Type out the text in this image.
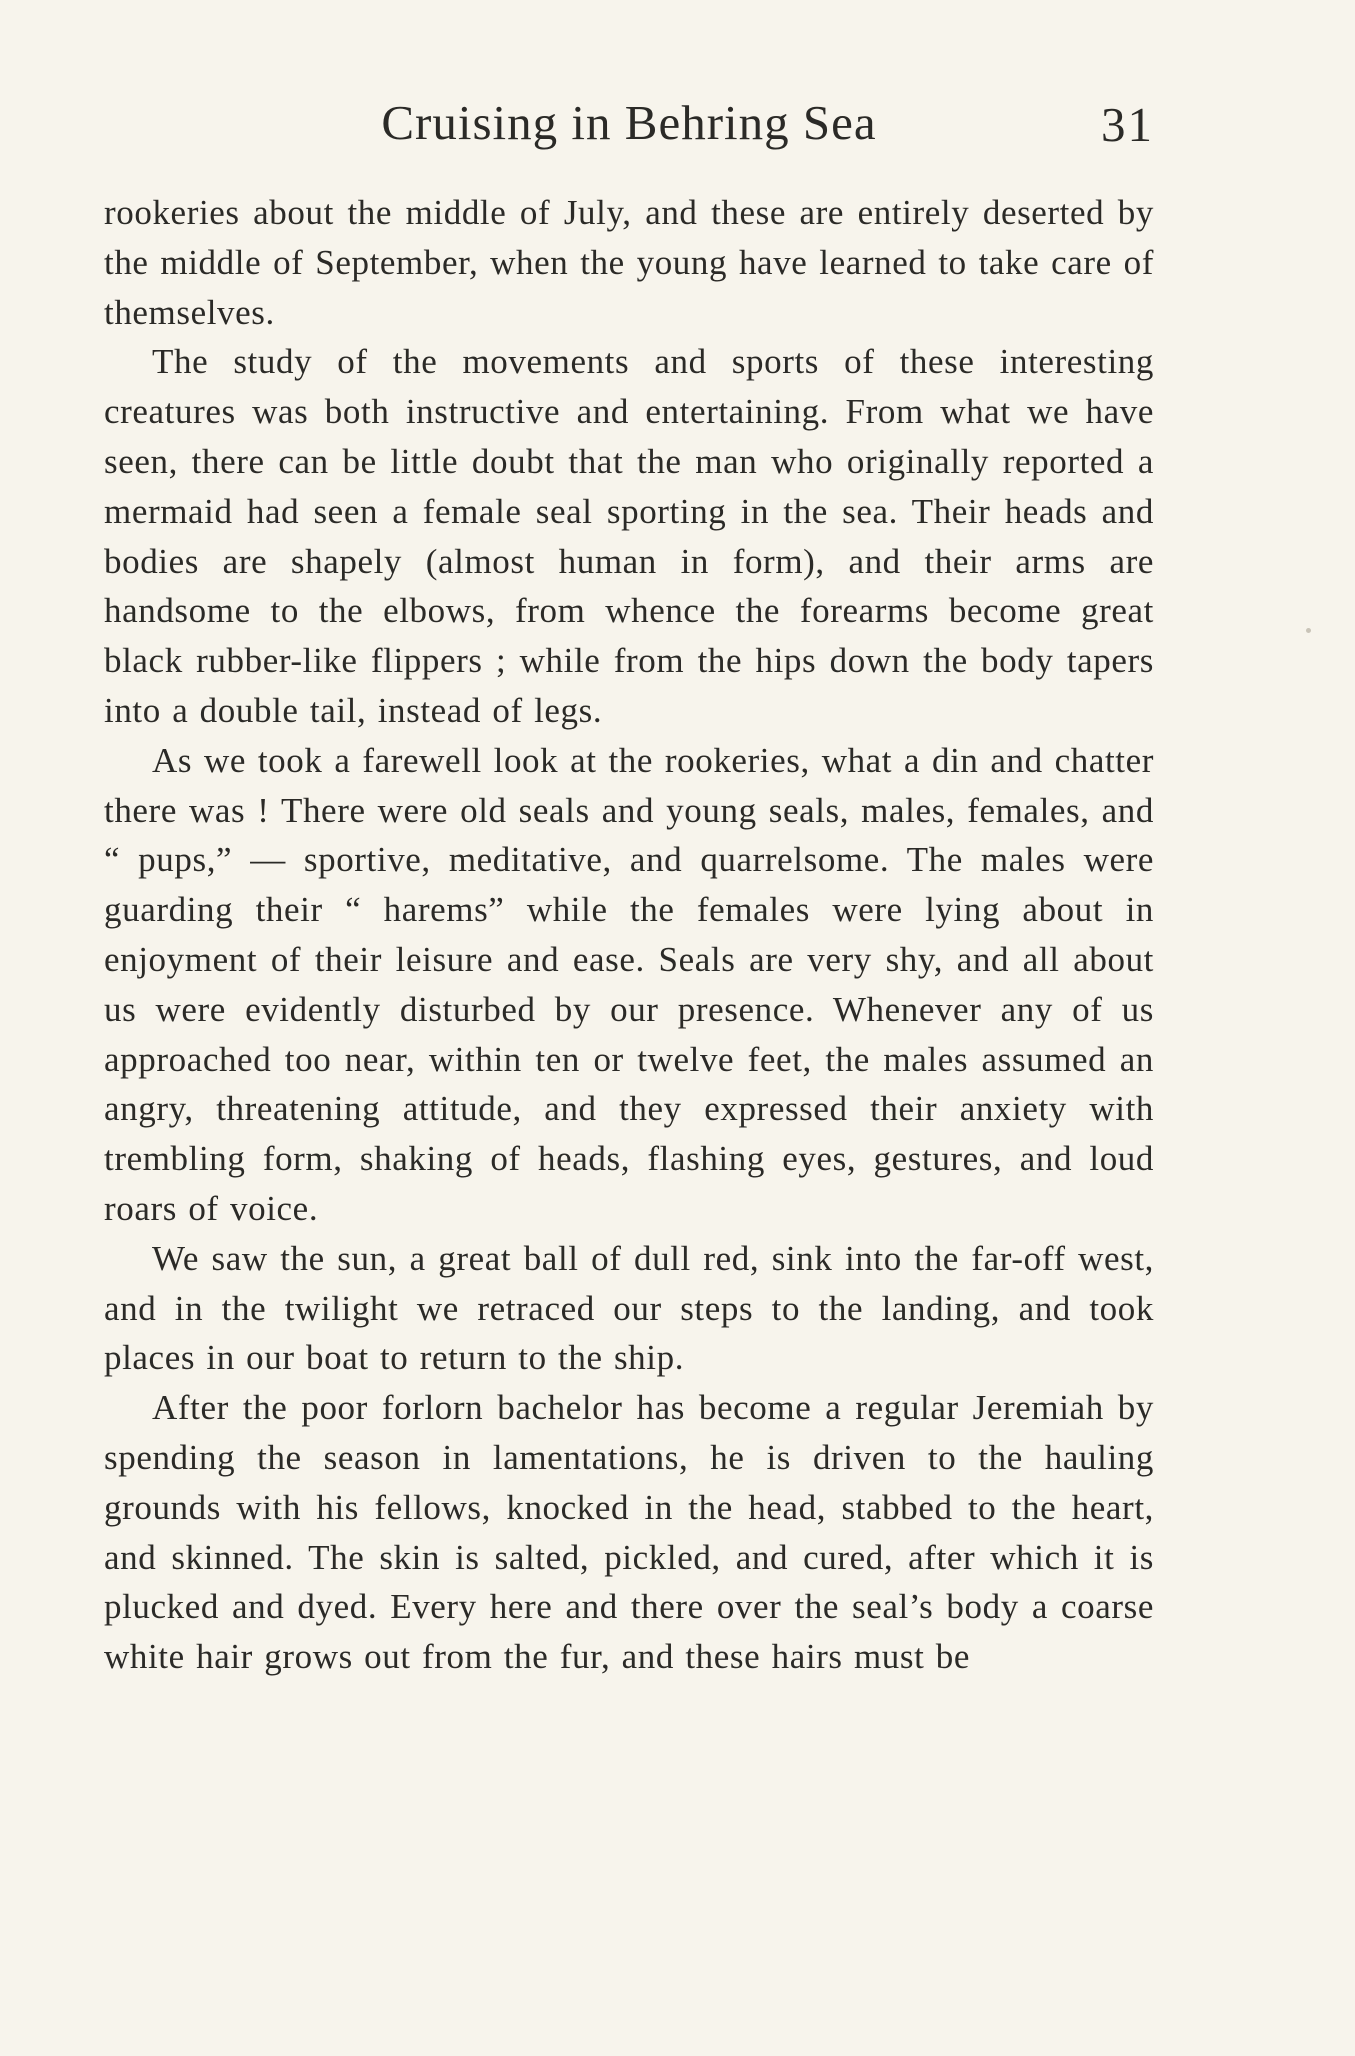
Cruising in Behring Sea	31

rookeries about the middle of July, and these are entirely deserted by the middle of September, when the young have learned to take care of themselves.

The study of the movements and sports of these interesting creatures was both instructive and entertaining. From what we have seen, there can be little doubt that the man who originally reported a mermaid had seen a female seal sporting in the sea. Their heads and bodies are shapely (almost human in form), and their arms are handsome to the elbows, from whence the forearms become great black rubber-like flippers ; while from the hips down the body tapers into a double tail, instead of legs.

As we took a farewell look at the rookeries, what a din and chatter there was ! There were old seals and young seals, males, females, and “ pups,” — sportive, meditative, and quarrelsome. The males were guarding their “ harems” while the females were lying about in enjoyment of their leisure and ease. Seals are very shy, and all about us were evidently disturbed by our presence. Whenever any of us approached too near, within ten or twelve feet, the males assumed an angry, threatening attitude, and they expressed their anxiety with trembling form, shaking of heads, flashing eyes, gestures, and loud roars of voice.

We saw the sun, a great ball of dull red, sink into the far-off west, and in the twilight we retraced our steps to the landing, and took places in our boat to return to the ship.

After the poor forlorn bachelor has become a regular Jeremiah by spending the season in lamentations, he is driven to the hauling grounds with his fellows, knocked in the head, stabbed to the heart, and skinned. The skin is salted, pickled, and cured, after which it is plucked and dyed. Every here and there over the seal’s body a coarse white hair grows out from the fur, and these hairs must be
